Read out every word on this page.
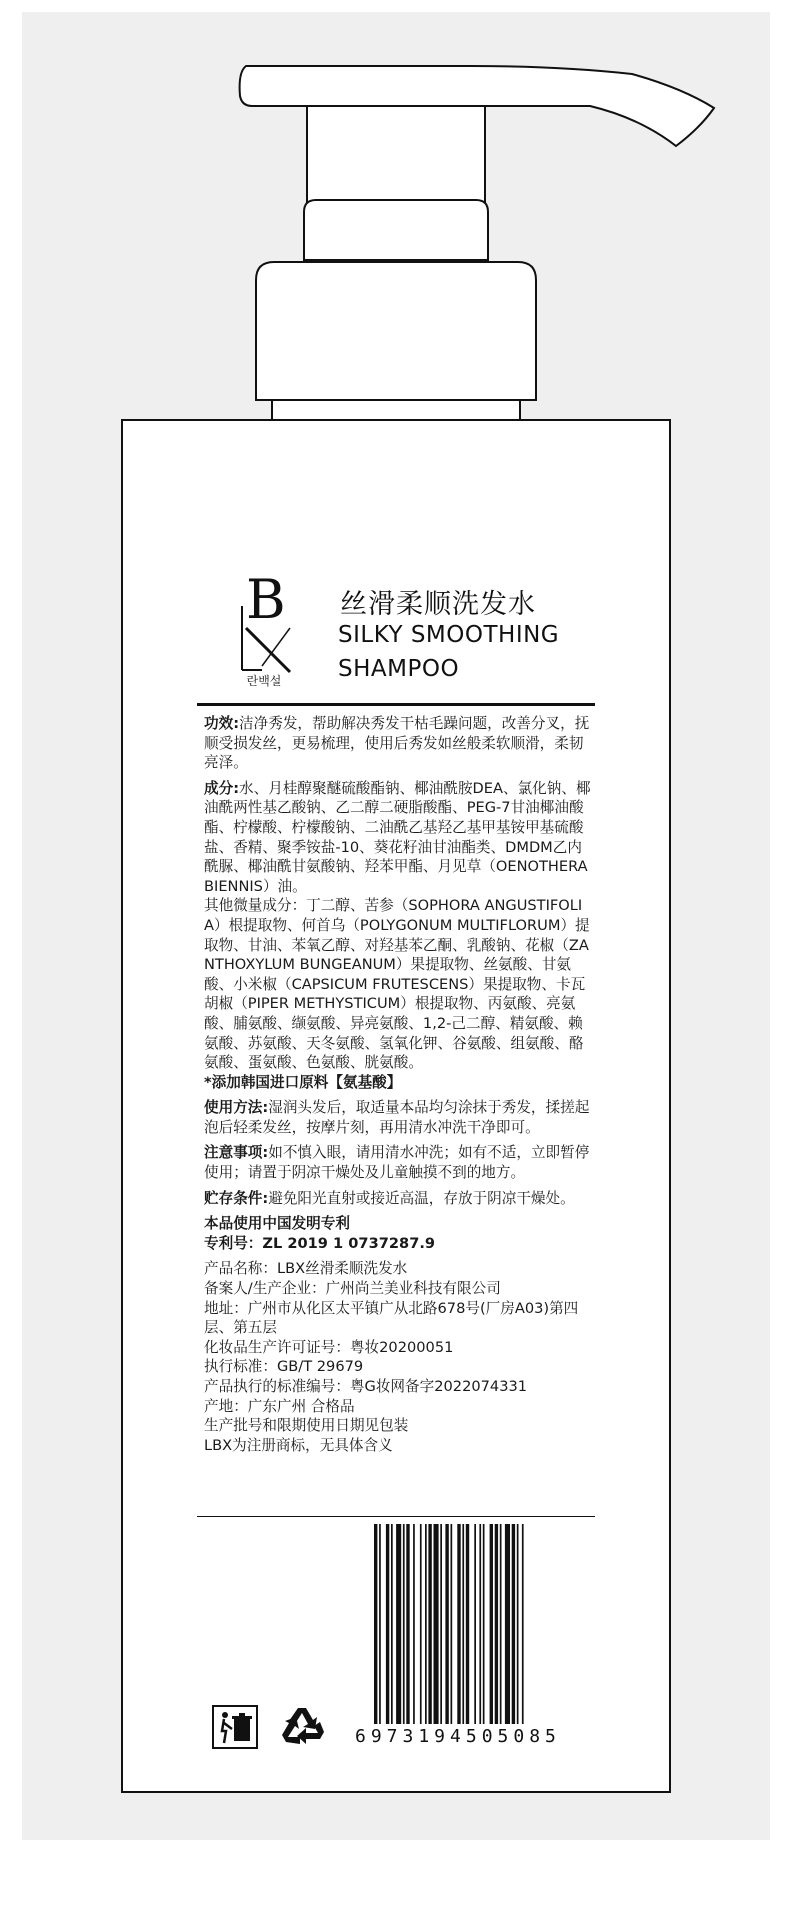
B
란백설
丝滑柔顺洗发水
SILKY SMOOTHING
SHAMPOO
功效:洁净秀发，帮助解决秀发干枯毛躁问题，改善分叉，抚顺受损发丝，更易梳理，使用后秀发如丝般柔软顺滑，柔韧亮泽。
成分:水、月桂醇聚醚硫酸酯钠、椰油酰胺DEA、氯化钠、椰油酰两性基乙酸钠、乙二醇二硬脂酸酯、PEG-7甘油椰油酸酯、柠檬酸、柠檬酸钠、二油酰乙基羟乙基甲基铵甲基硫酸盐、香精、聚季铵盐-10、葵花籽油甘油酯类、DMDM乙内酰脲、椰油酰甘氨酸钠、羟苯甲酯、月见草（OENOTHERA BIENNIS）油。
其他微量成分：丁二醇、苦参（SOPHORA ANGUSTIFOLIA）根提取物、何首乌（POLYGONUM MULTIFLORUM）提取物、甘油、苯氧乙醇、对羟基苯乙酮、乳酸钠、花椒（ZANTHOXYLUM BUNGEANUM）果提取物、丝氨酸、甘氨酸、小米椒（CAPSICUM FRUTESCENS）果提取物、卡瓦胡椒（PIPER METHYSTICUM）根提取物、丙氨酸、亮氨酸、脯氨酸、缬氨酸、异亮氨酸、1,2-己二醇、精氨酸、赖氨酸、苏氨酸、天冬氨酸、氢氧化钾、谷氨酸、组氨酸、酪氨酸、蛋氨酸、色氨酸、胱氨酸。
*添加韩国进口原料【氨基酸】
使用方法:湿润头发后，取适量本品均匀涂抹于秀发，揉搓起泡后轻柔发丝，按摩片刻，再用清水冲洗干净即可。
注意事项:如不慎入眼，请用清水冲洗；如有不适，立即暂停使用；请置于阴凉干燥处及儿童触摸不到的地方。
贮存条件:避免阳光直射或接近高温，存放于阴凉干燥处。
本品使用中国发明专利
专利号：ZL 2019 1 0737287.9
产品名称：LBX丝滑柔顺洗发水
备案人/生产企业：广州尚兰美业科技有限公司
地址：广州市从化区太平镇广从北路678号(厂房A03)第四层、第五层
化妆品生产许可证号：粤妆20200051
执行标准：GB/T 29679
产品执行的标准编号：粤G妆网备字2022074331
产地：广东广州 合格品
生产批号和限期使用日期见包装
LBX为注册商标，无具体含义
6973194505085
